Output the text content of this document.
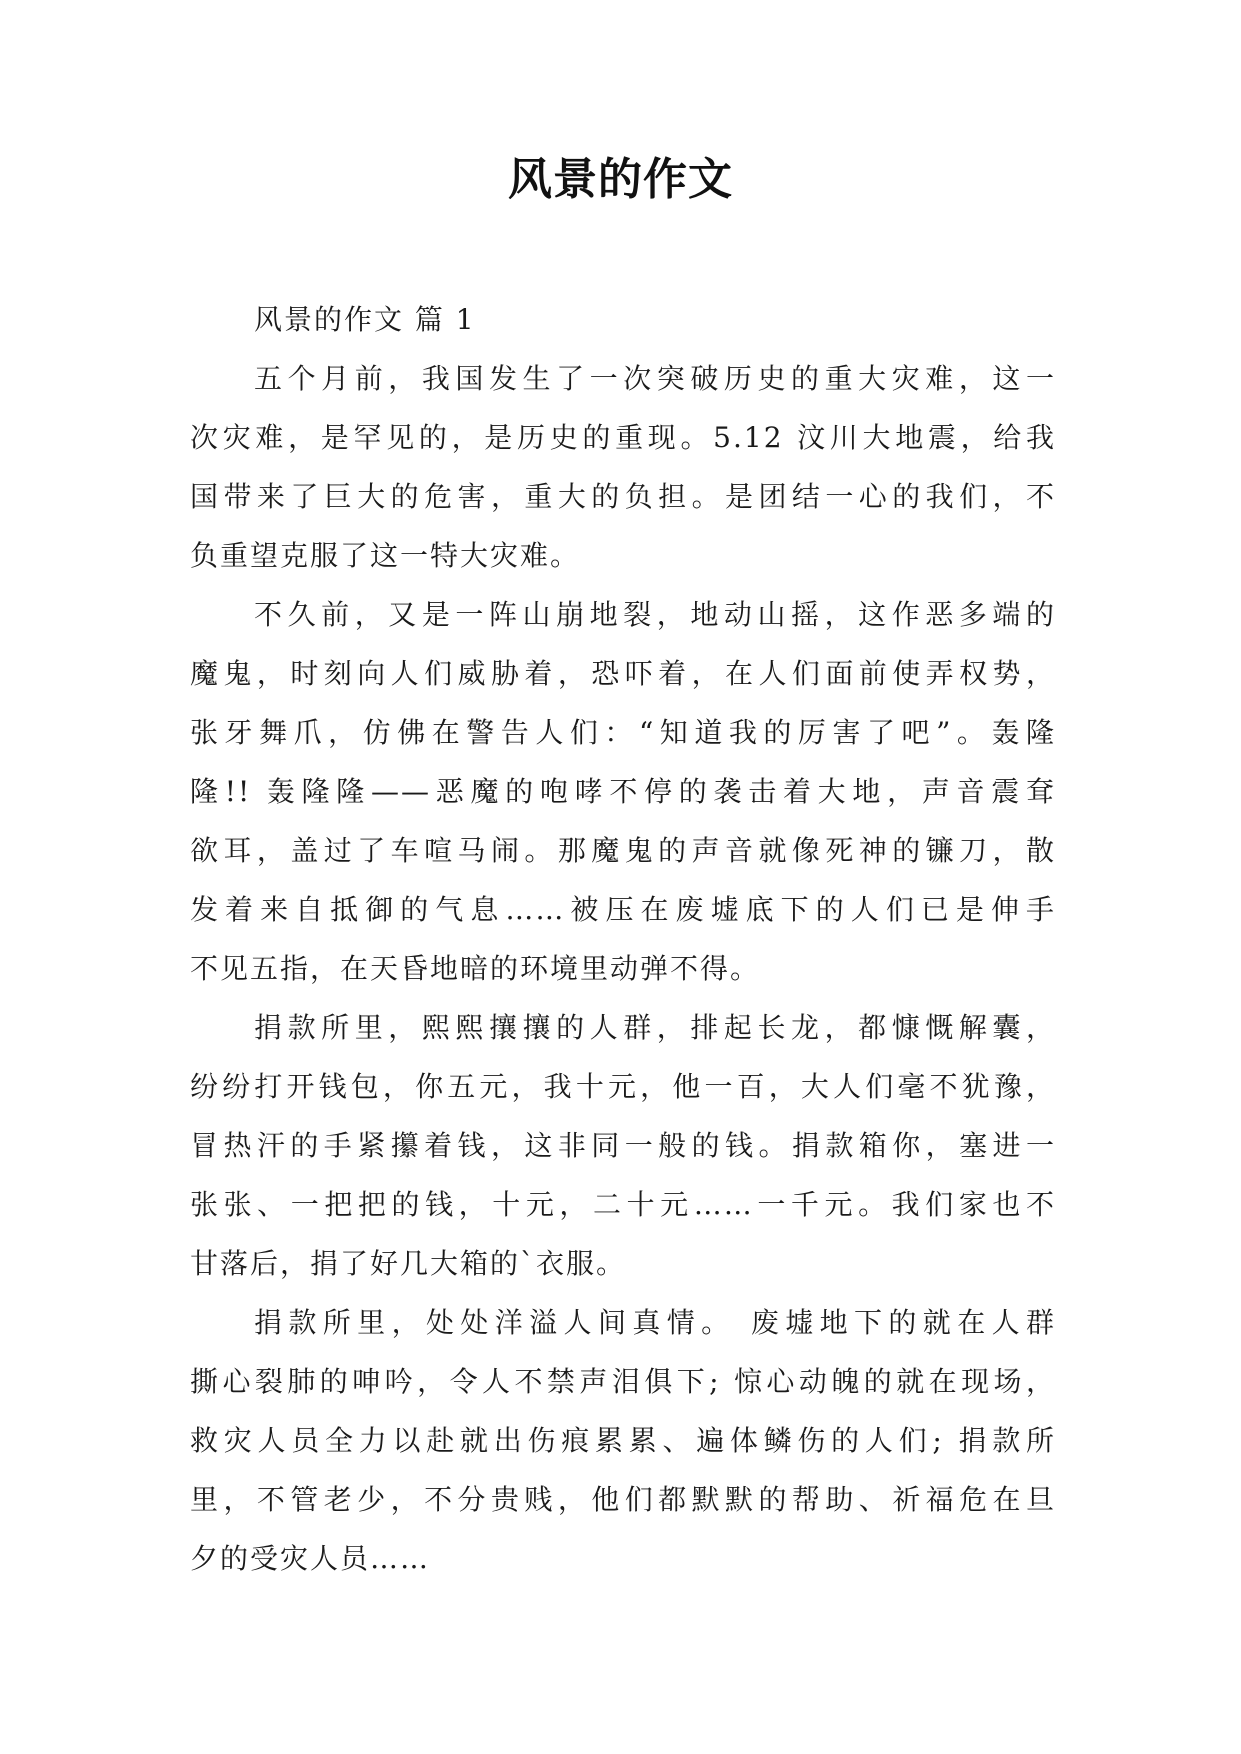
风景的作文

风景的作文 篇 1

五个月前，我国发生了一次突破历史的重大灾难，这一
次灾难，是罕见的，是历史的重现。5.12 汶川大地震，给我
国带来了巨大的危害，重大的负担。是团结一心的我们，不
负重望克服了这一特大灾难。
不久前，又是一阵山崩地裂，地动山摇，这作恶多端的
魔鬼，时刻向人们威胁着，恐吓着，在人们面前使弄权势，
张牙舞爪，仿佛在警告人们：“知道我的厉害了吧”。轰隆
隆!! 轰隆隆——恶魔的咆哮不停的袭击着大地，声音震耷
欲耳，盖过了车喧马闹。那魔鬼的声音就像死神的镰刀，散
发着来自抵御的气息……被压在废墟底下的人们已是伸手
不见五指，在天昏地暗的环境里动弹不得。
捐款所里，熙熙攘攘的人群，排起长龙，都慷慨解囊，
纷纷打开钱包，你五元，我十元，他一百，大人们毫不犹豫，
冒热汗的手紧攥着钱，这非同一般的钱。捐款箱你，塞进一
张张、一把把的钱，十元，二十元……一千元。我们家也不
甘落后，捐了好几大箱的`衣服。
捐款所里，处处洋溢人间真情。 废墟地下的就在人群
撕心裂肺的呻吟，令人不禁声泪俱下; 惊心动魄的就在现场，
救灾人员全力以赴就出伤痕累累、遍体鳞伤的人们; 捐款所
里，不管老少，不分贵贱，他们都默默的帮助、祈福危在旦
夕的受灾人员……
